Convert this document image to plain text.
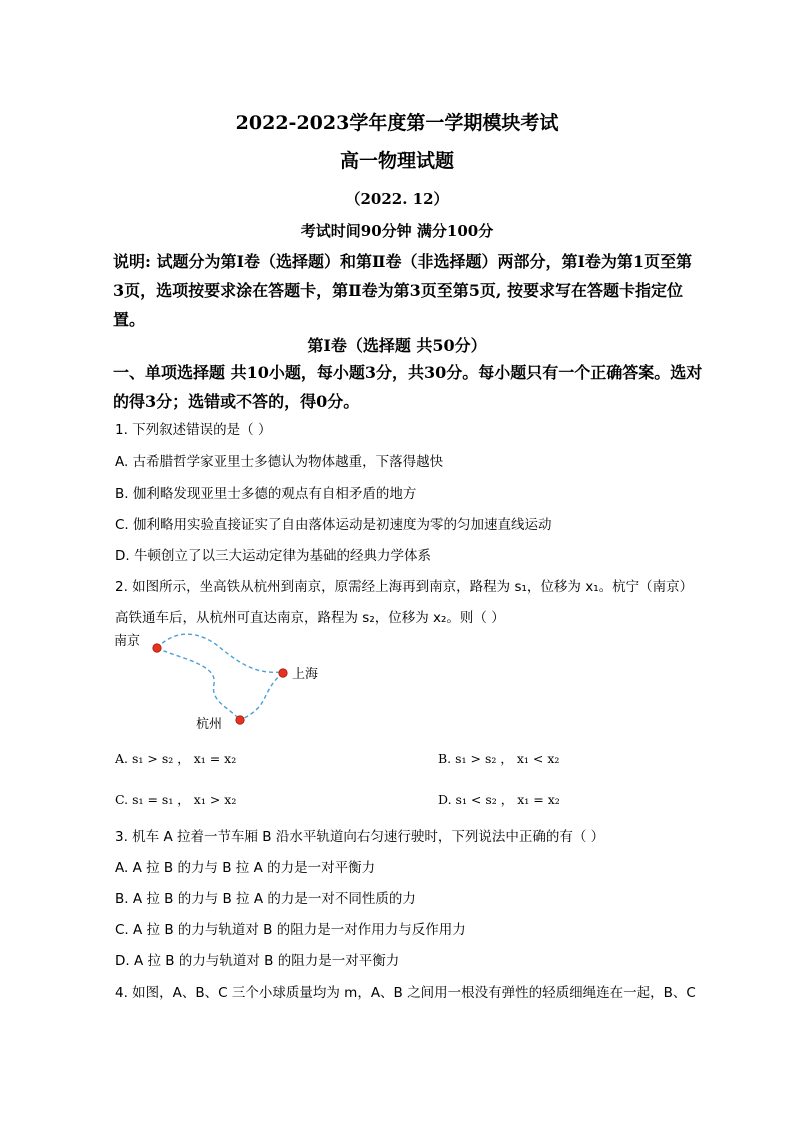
2022-2023学年度第一学期模块考试
高一物理试题
（2022. 12）
考试时间90分钟 满分100分
说明: 试题分为第Ⅰ卷（选择题）和第Ⅱ卷（非选择题）两部分，第Ⅰ卷为第1页至第3页，选项按要求涂在答题卡，第Ⅱ卷为第3页至第5页, 按要求写在答题卡指定位置。
第Ⅰ卷（选择题 共50分）
一、单项选择题 共10小题，每小题3分，共30分。每小题只有一个正确答案。选对的得3分；选错或不答的，得0分。
1. 下列叙述错误的是（ ）
A. 古希腊哲学家亚里士多德认为物体越重，下落得越快
B. 伽利略发现亚里士多德的观点有自相矛盾的地方
C. 伽利略用实验直接证实了自由落体运动是初速度为零的匀加速直线运动
D. 牛顿创立了以三大运动定律为基础的经典力学体系
2. 如图所示，坐高铁从杭州到南京，原需经上海再到南京，路程为 s₁，位移为 x₁。杭宁（南京）
高铁通车后，从杭州可直达南京，路程为 s₂，位移为 x₂。则（ ）
南京
上海
杭州
A. s₁ > s₂ ， x₁ = x₂	B. s₁ > s₂ ， x₁ < x₂
C. s₁ = s₁ ， x₁ > x₂	D. s₁ < s₂ ， x₁ = x₂
3. 机车 A 拉着一节车厢 B 沿水平轨道向右匀速行驶时，下列说法中正确的有（ ）
A. A 拉 B 的力与 B 拉 A 的力是一对平衡力
B. A 拉 B 的力与 B 拉 A 的力是一对不同性质的力
C. A 拉 B 的力与轨道对 B 的阻力是一对作用力与反作用力
D. A 拉 B 的力与轨道对 B 的阻力是一对平衡力
4. 如图，A、B、C 三个小球质量均为 m，A、B 之间用一根没有弹性的轻质细绳连在一起，B、C
